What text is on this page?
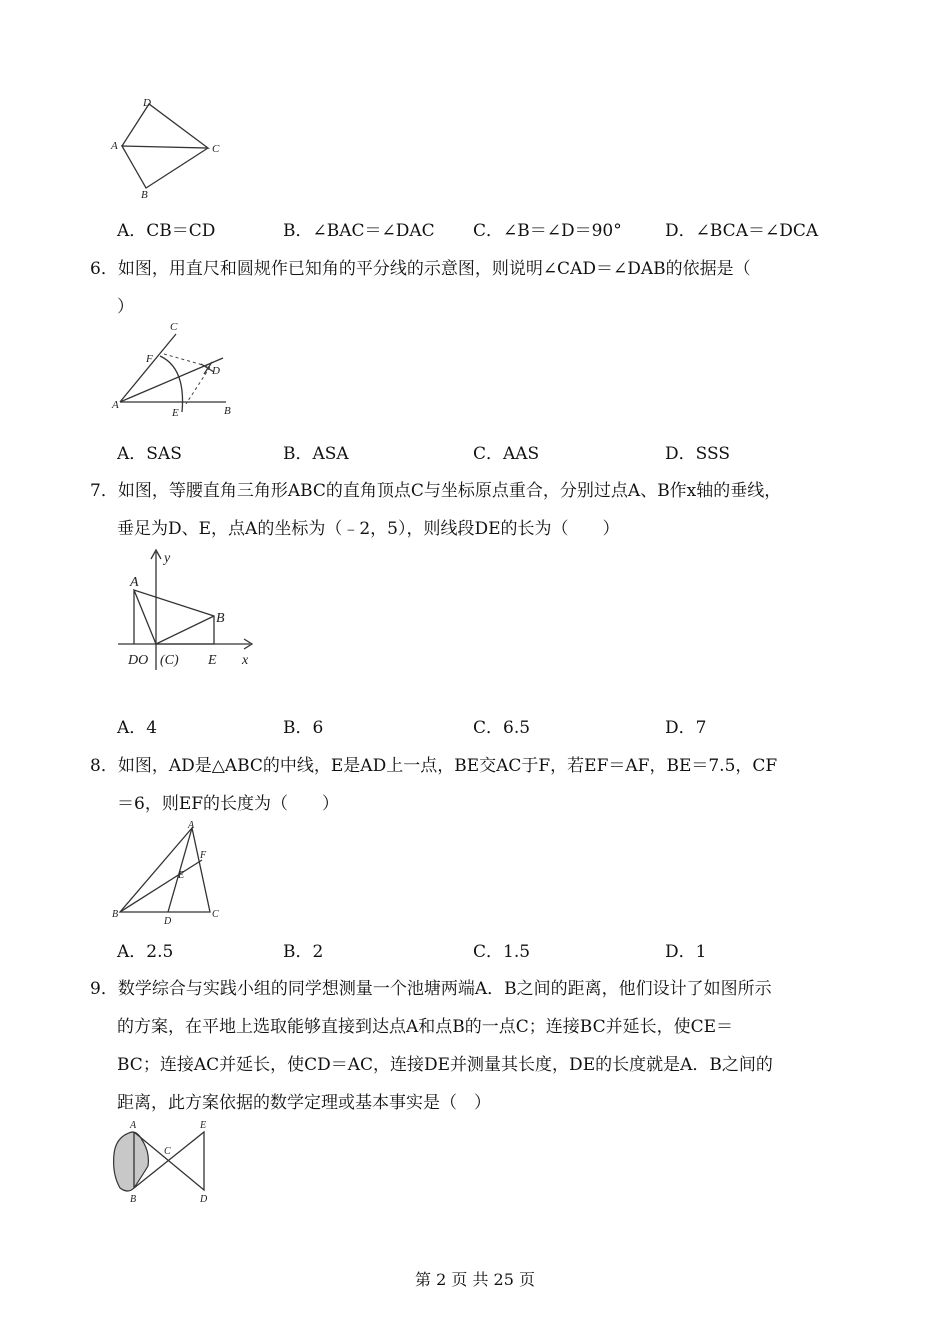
D
A	C
B
A．CB＝CD	B．∠BAC＝∠DAC C．∠B＝∠D＝90°	D．∠BCA＝∠DCA
6．如图，用直尺和圆规作已知角的平分线的示意图，则说明∠CAD＝∠DAB的依据是（
）
C
F
D
A
E	B
A．SAS	B．ASA	C．AAS	D．SSS
7．如图，等腰直角三角形ABC的直角顶点C与坐标原点重合，分别过点A、B作x轴的垂线，
垂足为D、E，点A的坐标为（﹣2，5），则线段DE的长为（　　）
y
A
B
DO (C) E x
A．4	B．6	C．6.5	D．7
8．如图，AD是△ABC的中线，E是AD上一点，BE交AC于F，若EF＝AF，BE＝7.5，CF
＝6，则EF的长度为（　　）
A
F
E
B
D
C
A．2.5	B．2	C．1.5	D．1
9．数学综合与实践小组的同学想测量一个池塘两端A．B之间的距离，他们设计了如图所示
的方案，在平地上选取能够直接到达点A和点B的一点C；连接BC并延长，使CE＝
BC；连接AC并延长，使CD＝AC，连接DE并测量其长度，DE的长度就是A．B之间的
距离，此方案依据的数学定理或基本事实是（　）
A	E
C
B	D
第 2 页 共 25 页
